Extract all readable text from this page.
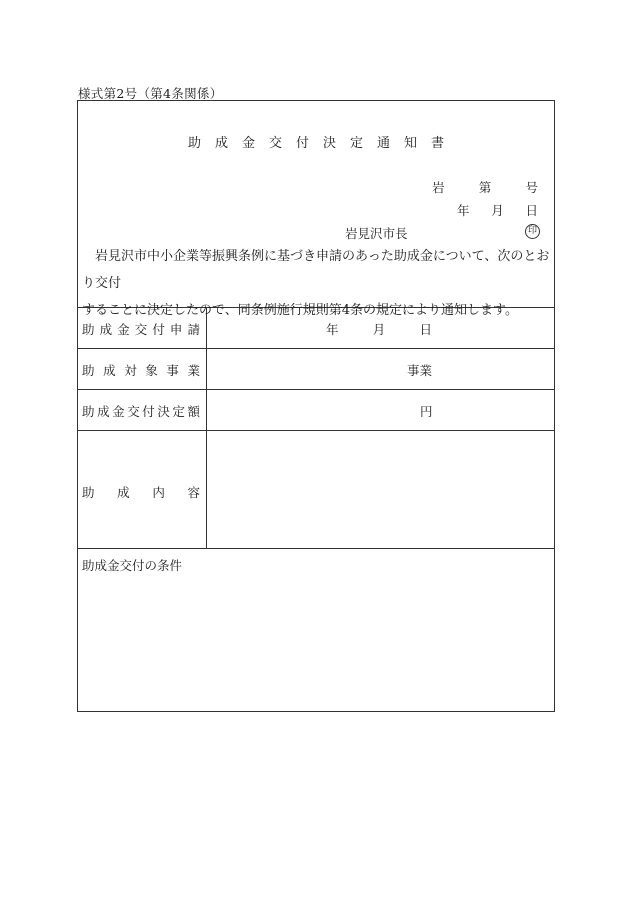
様式第2号（第4条関係）
助成金交付決定通知書
岩	第	号
年 月 日
岩見沢市長	印

岩見沢市中小企業等振興条例に基づき申請のあった助成金について、次のとおり交付

することに決定したので、同条例施行規則第4条の規定により通知します。

助 成 金 交 付 申 請	年	月	日
助 成 対 象 事 業	事業
助 成 金 交 付 決 定 額	円
助 成 内 容
助成金交付の条件
